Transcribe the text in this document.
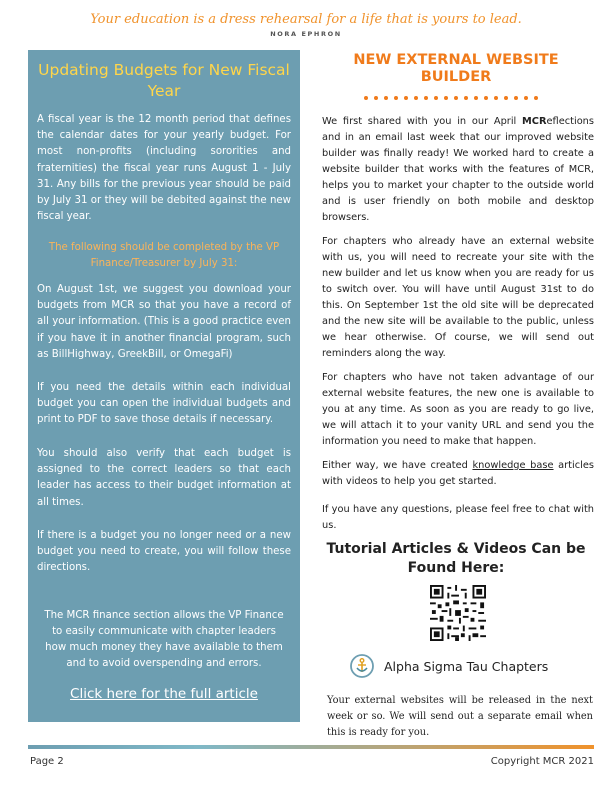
Your education is a dress rehearsal for a life that is yours to lead.
NORA EPHRON
Updating Budgets for New Fiscal Year
A fiscal year is the 12 month period that defines the calendar dates for your yearly budget. For most non-profits (including sororities and fraternities) the fiscal year runs August 1 - July 31. Any bills for the previous year should be paid by July 31 or they will be debited against the new fiscal year.
The following should be completed by the VP Finance/Treasurer by July 31:
On August 1st, we suggest you download your budgets from MCR so that you have a record of all your information. (This is a good practice even if you have it in another financial program, such as BillHighway, GreekBill, or OmegaFi)
If you need the details within each individual budget you can open the individual budgets and print to PDF to save those details if necessary.
You should also verify that each budget is assigned to the correct leaders so that each leader has access to their budget information at all times.
If there is a budget you no longer need or a new budget you need to create, you will follow these directions.
The MCR finance section allows the VP Finance to easily communicate with chapter leaders how much money they have available to them and to avoid overspending and errors.
Click here for the full article
NEW EXTERNAL WEBSITE BUILDER
We first shared with you in our April MCReflections and in an email last week that our improved website builder was finally ready! We worked hard to create a website builder that works with the features of MCR, helps you to market your chapter to the outside world and is user friendly on both mobile and desktop browsers.
For chapters who already have an external website with us, you will need to recreate your site with the new builder and let us know when you are ready for us to switch over. You will have until August 31st to do this. On September 1st the old site will be deprecated and the new site will be available to the public, unless we hear otherwise. Of course, we will send out reminders along the way.
For chapters who have not taken advantage of our external website features, the new one is available to you at any time. As soon as you are ready to go live, we will attach it to your vanity URL and send you the information you need to make that happen.
Either way, we have created knowledge base articles with videos to help you get started.
If you have any questions, please feel free to chat with us.
Tutorial Articles & Videos Can be Found Here:
Alpha Sigma Tau Chapters
Your external websites will be released in the next week or so. We will send out a separate email when this is ready for you.
Page 2	Copyright MCR 2021
